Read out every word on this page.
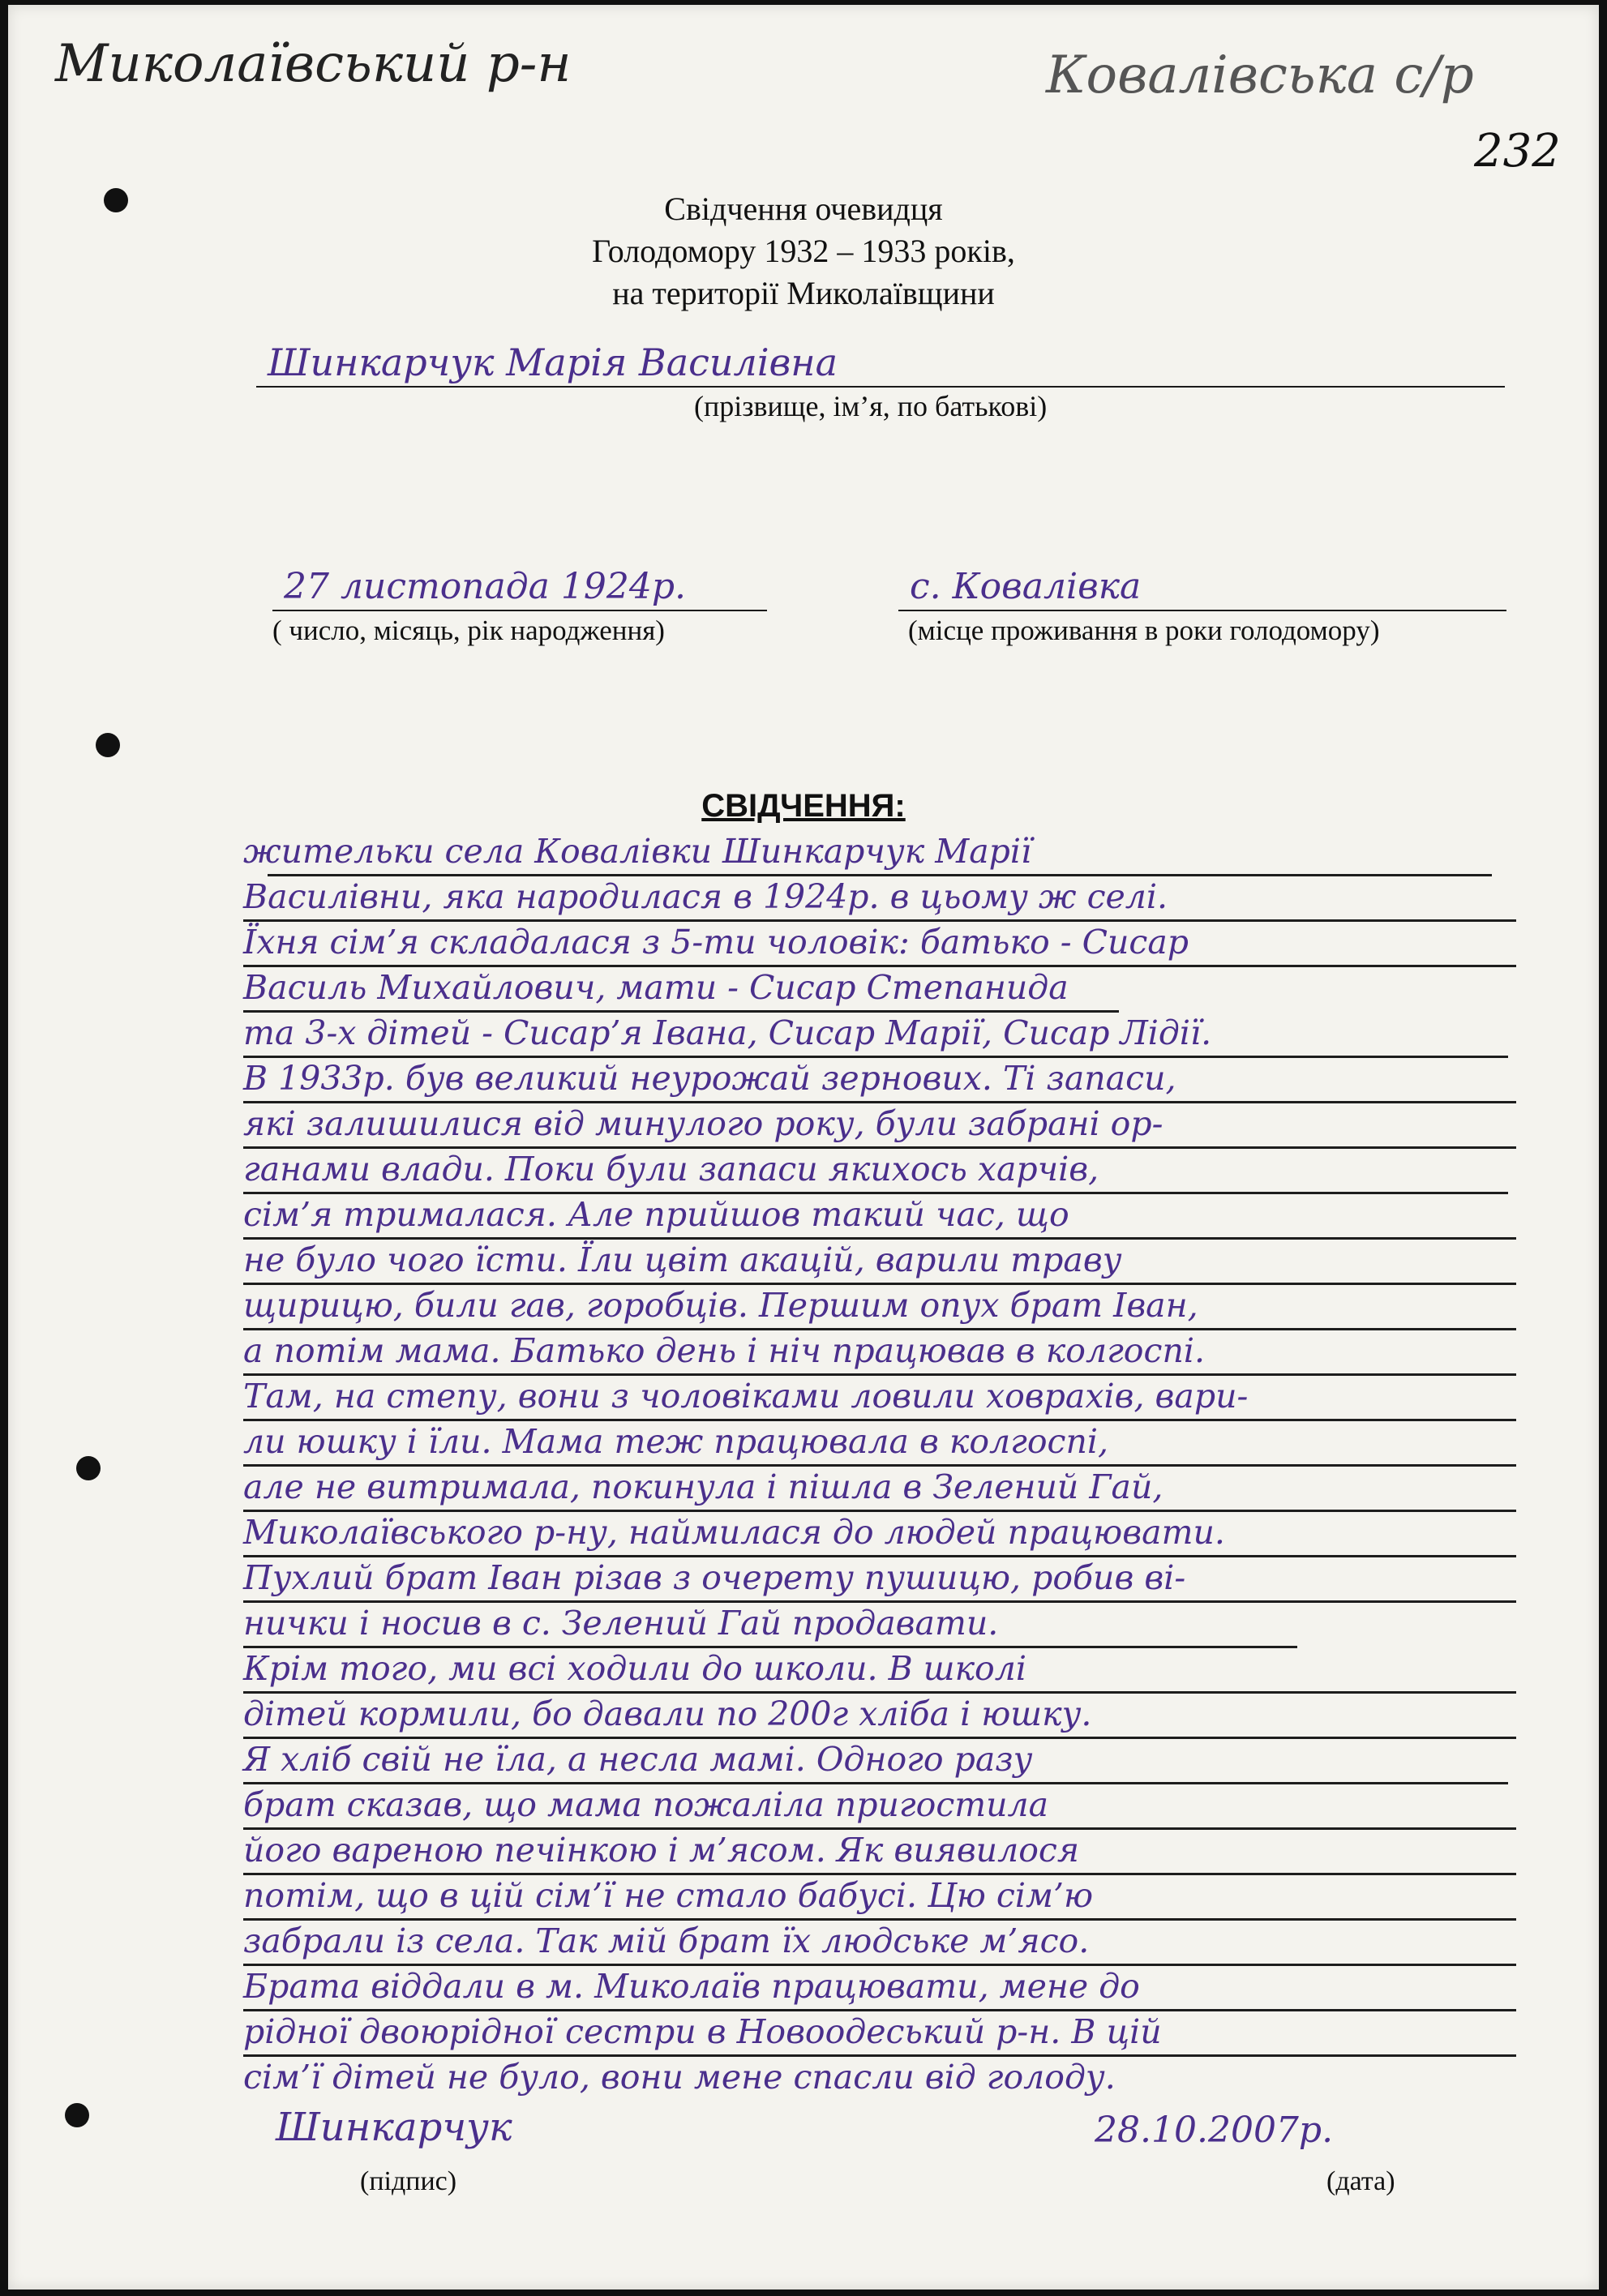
Миколаївський р-н	Ковалівська с/р
232
Свідчення очевидця
Голодомору 1932 – 1933 років,
на території Миколаївщини
Шинкарчук Марія Василівна
(прізвище, ім’я, по батькові)
27 листопада 1924р.
( число, місяць, рік народження)
с. Ковалівка
(місце проживання в роки голодомору)
СВІДЧЕННЯ:
жительки села Ковалівки Шинкарчук Марії
Василівни, яка народилася в 1924р. в цьому ж селі.
Їхня сім’я складалася з 5-ти чоловік: батько - Сисар
Василь Михайлович, мати - Сисар Степанида
та 3-х дітей - Сисар’я Івана, Сисар Марії, Сисар Лідії.
В 1933р. був великий неурожай зернових. Ті запаси,
які залишилися від минулого року, були забрані ор-
ганами влади. Поки були запаси якихось харчів,
сім’я трималася. Але прийшов такий час, що
не було чого їсти. Їли цвіт акацій, варили траву
щирицю, били гав, горобців. Першим опух брат Іван,
а потім мама. Батько день і ніч працював в колгоспі.
Там, на степу, вони з чоловіками ловили ховрахів, вари-
ли юшку і їли. Мама теж працювала в колгоспі,
але не витримала, покинула і пішла в Зелений Гай,
Миколаївського р-ну, наймилася до людей працювати.
Пухлий брат Іван різав з очерету пушицю, робив ві-
нички і носив в с. Зелений Гай продавати.
Крім того, ми всі ходили до школи. В школі
дітей кормили, бо давали по 200г хліба і юшку.
Я хліб свій не їла, а несла мамі. Одного разу
брат сказав, що мама пожаліла пригостила
його вареною печінкою і м’ясом. Як виявилося
потім, що в цій сім’ї не стало бабусі. Цю сім’ю
забрали із села. Так мій брат їх людське м’ясо.
Брата віддали в м. Миколаїв працювати, мене до
рідної двоюрідної сестри в Новоодеський р-н. В цій
сім’ї дітей не було, вони мене спасли від голоду.
Шинкарчук
(підпис)
28.10.2007р.
(дата)
